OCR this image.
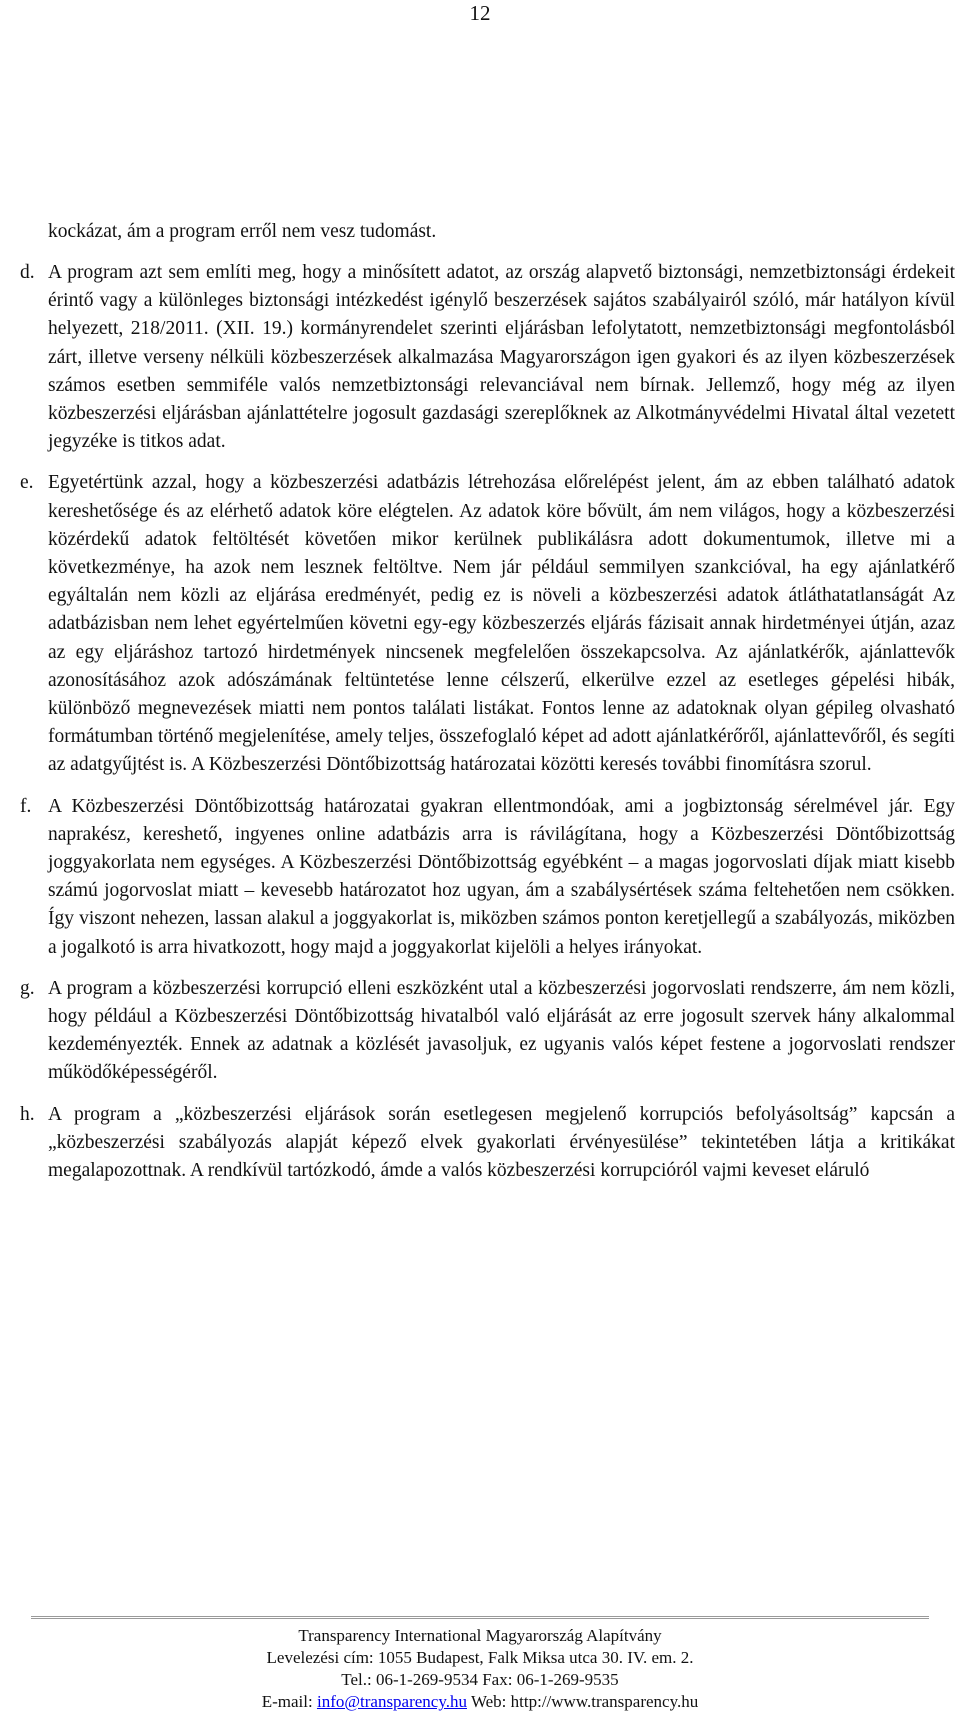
12

kockázat, ám a program erről nem vesz tudomást.

d. A program azt sem említi meg, hogy a minősített adatot, az ország alapvető biztonsági, nemzetbiztonsági érdekeit érintő vagy a különleges biztonsági intézkedést igénylő beszerzések sajátos szabályairól szóló, már hatályon kívül helyezett, 218/2011. (XII. 19.) kormányrendelet szerinti eljárásban lefolytatott, nemzetbiztonsági megfontolásból zárt, illetve verseny nélküli közbeszerzések alkalmazása Magyarországon igen gyakori és az ilyen közbeszerzések számos esetben semmiféle valós nemzetbiztonsági relevanciával nem bírnak. Jellemző, hogy még az ilyen közbeszerzési eljárásban ajánlattételre jogosult gazdasági szereplőknek az Alkotmányvédelmi Hivatal által vezetett jegyzéke is titkos adat.

e. Egyetértünk azzal, hogy a közbeszerzési adatbázis létrehozása előrelépést jelent, ám az ebben található adatok kereshetősége és az elérhető adatok köre elégtelen. Az adatok köre bővült, ám nem világos, hogy a közbeszerzési közérdekű adatok feltöltését követően mikor kerülnek publikálásra adott dokumentumok, illetve mi a következménye, ha azok nem lesznek feltöltve. Nem jár például semmilyen szankcióval, ha egy ajánlatkérő egyáltalán nem közli az eljárása eredményét, pedig ez is növeli a közbeszerzési adatok átláthatatlanságát Az adatbázisban nem lehet egyértelműen követni egy-egy közbeszerzés eljárás fázisait annak hirdetményei útján, azaz az egy eljáráshoz tartozó hirdetmények nincsenek megfelelően összekapcsolva. Az ajánlatkérők, ajánlattevők azonosításához azok adószámának feltüntetése lenne célszerű, elkerülve ezzel az esetleges gépelési hibák, különböző megnevezések miatti nem pontos találati listákat. Fontos lenne az adatoknak olyan gépileg olvasható formátumban történő megjelenítése, amely teljes, összefoglaló képet ad adott ajánlatkérőről, ajánlattevőről, és segíti az adatgyűjtést is. A Közbeszerzési Döntőbizottság határozatai közötti keresés további finomításra szorul.

f. A Közbeszerzési Döntőbizottság határozatai gyakran ellentmondóak, ami a jogbiztonság sérelmével jár. Egy naprakész, kereshető, ingyenes online adatbázis arra is rávilágítana, hogy a Közbeszerzési Döntőbizottság joggyakorlata nem egységes. A Közbeszerzési Döntőbizottság egyébként – a magas jogorvoslati díjak miatt kisebb számú jogorvoslat miatt – kevesebb határozatot hoz ugyan, ám a szabálysértések száma feltehetően nem csökken. Így viszont nehezen, lassan alakul a joggyakorlat is, miközben számos ponton keretjellegű a szabályozás, miközben a jogalkotó is arra hivatkozott, hogy majd a joggyakorlat kijelöli a helyes irányokat.

g. A program a közbeszerzési korrupció elleni eszközként utal a közbeszerzési jogorvoslati rendszerre, ám nem közli, hogy például a Közbeszerzési Döntőbizottság hivatalból való eljárását az erre jogosult szervek hány alkalommal kezdeményezték. Ennek az adatnak a közlését javasoljuk, ez ugyanis valós képet festene a jogorvoslati rendszer működőképességéről.

h. A program a „közbeszerzési eljárások során esetlegesen megjelenő korrupciós befolyásoltság” kapcsán a „közbeszerzési szabályozás alapját képező elvek gyakorlati érvényesülése” tekintetében látja a kritikákat megalapozottnak. A rendkívül tartózkodó, ámde a valós közbeszerzési korrupcióról vajmi keveset eláruló

Transparency International Magyarország Alapítvány

Levelezési cím: 1055 Budapest, Falk Miksa utca 30. IV. em. 2.

Tel.: 06-1-269-9534 Fax: 06-1-269-9535

E-mail: info@transparency.hu Web: http://www.transparency.hu
